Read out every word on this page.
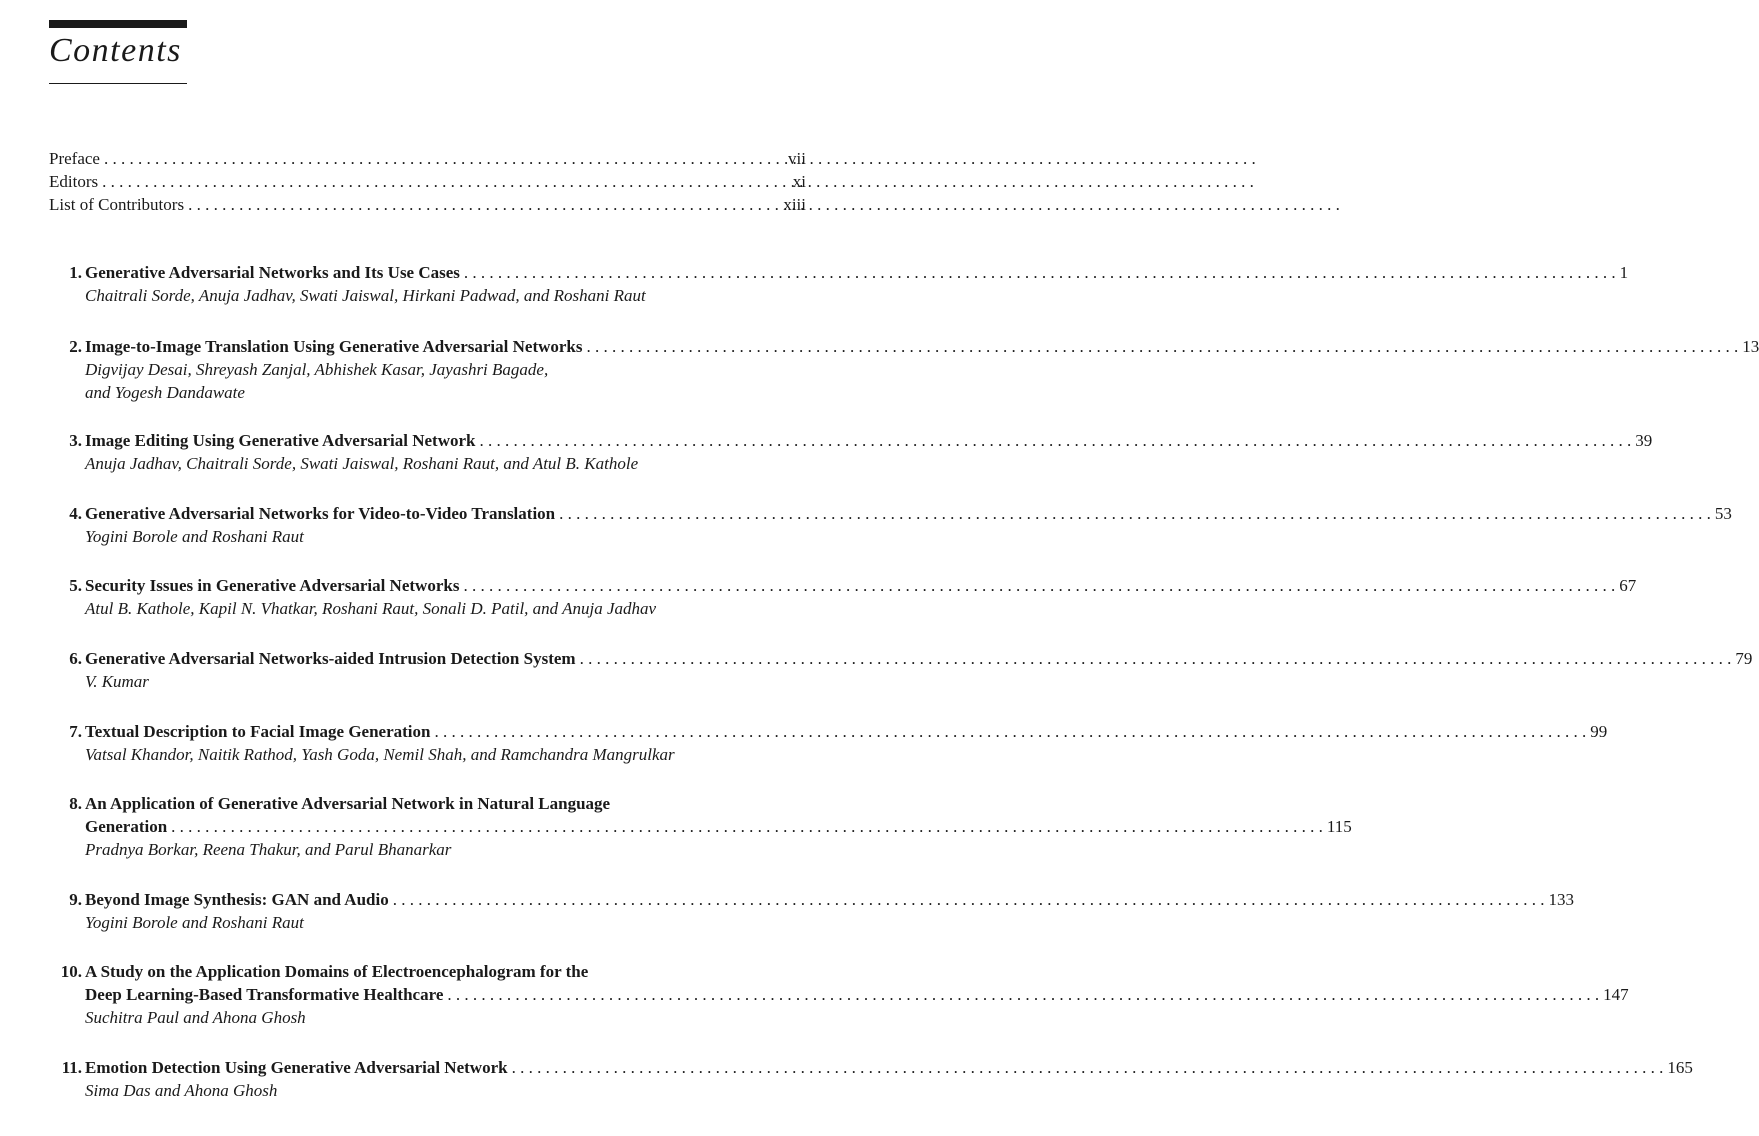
Contents
Preface . . .	vii
Editors . . .	xi
List of Contributors . . .	xiii
1. Generative Adversarial Networks and Its Use Cases . . .	1
Chaitrali Sorde, Anuja Jadhav, Swati Jaiswal, Hirkani Padwad, and Roshani Raut
2. Image-to-Image Translation Using Generative Adversarial Networks . . .	13
Digvijay Desai, Shreyash Zanjal, Abhishek Kasar, Jayashri Bagade,
and Yogesh Dandawate
3. Image Editing Using Generative Adversarial Network . . .	39
Anuja Jadhav, Chaitrali Sorde, Swati Jaiswal, Roshani Raut, and Atul B. Kathole
4. Generative Adversarial Networks for Video-to-Video Translation . . .	53
Yogini Borole and Roshani Raut
5. Security Issues in Generative Adversarial Networks . . .	67
Atul B. Kathole, Kapil N. Vhatkar, Roshani Raut, Sonali D. Patil, and Anuja Jadhav
6. Generative Adversarial Networks-aided Intrusion Detection System . . .	79
V. Kumar
7. Textual Description to Facial Image Generation . . .	99
Vatsal Khandor, Naitik Rathod, Yash Goda, Nemil Shah, and Ramchandra Mangrulkar
8. An Application of Generative Adversarial Network in Natural Language
Generation . . .	115
Pradnya Borkar, Reena Thakur, and Parul Bhanarkar
9. Beyond Image Synthesis: GAN and Audio . . .	133
Yogini Borole and Roshani Raut
10. A Study on the Application Domains of Electroencephalogram for the
Deep Learning-Based Transformative Healthcare . . .	147
Suchitra Paul and Ahona Ghosh
11. Emotion Detection Using Generative Adversarial Network . . .	165
Sima Das and Ahona Ghosh
